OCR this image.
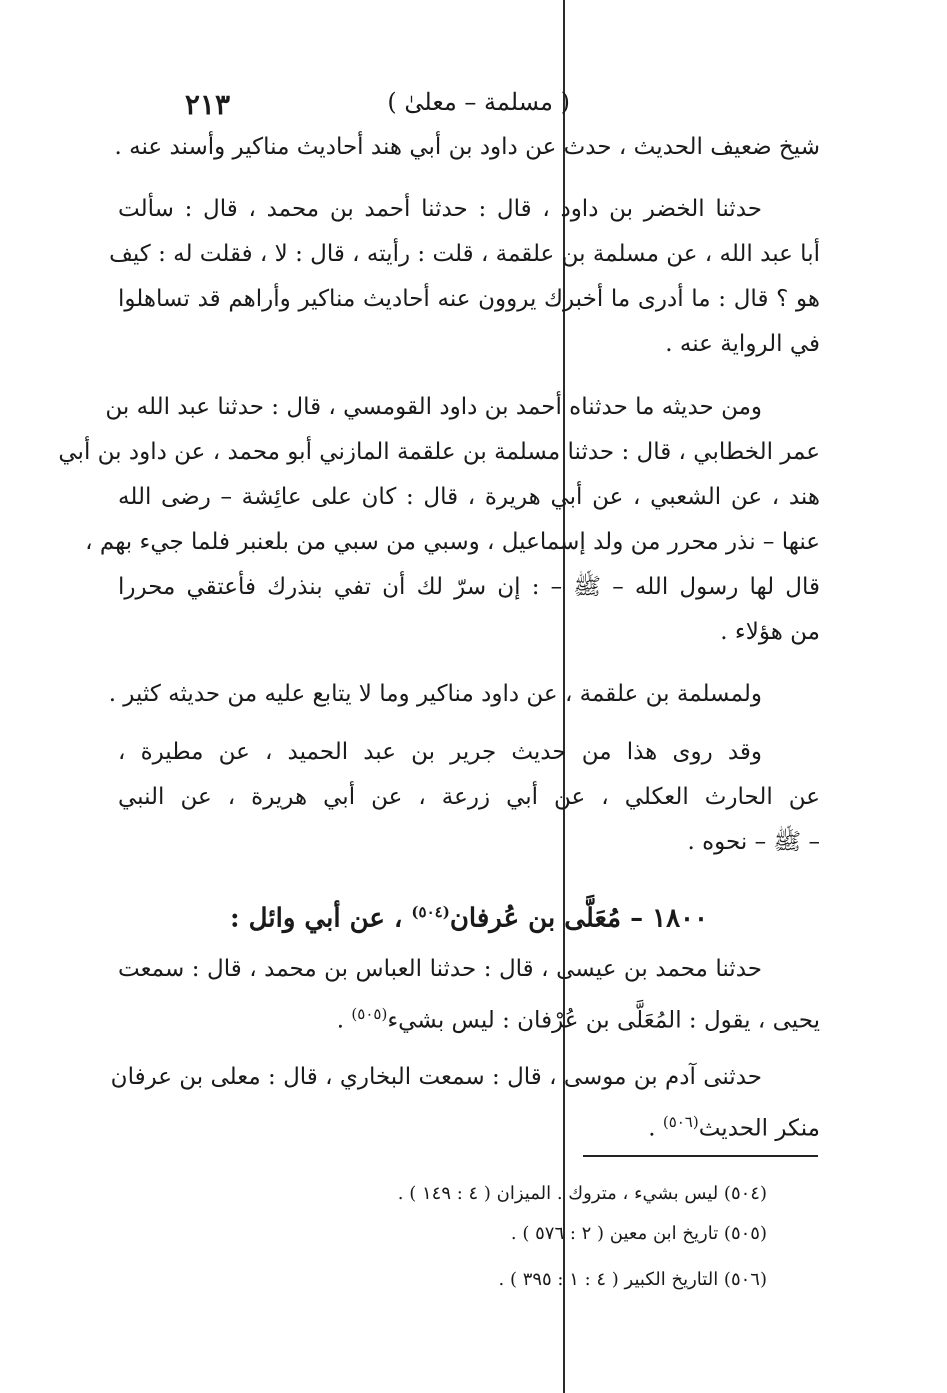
٢١٣	( مسلمة – معلىٰ )
شيخ ضعيف الحديث ، حدث عن داود بن أبي هند أحاديث مناكير وأسند عنه .
حدثنا الخضر بن داود ، قال : حدثنا أحمد بن محمد ، قال : سألت
أبا عبد الله ، عن مسلمة بن علقمة ، قلت : رأيته ، قال : لا ، فقلت له : كيف
هو ؟ قال : ما أدرى ما أخبرك يروون عنه أحاديث مناكير وأراهم قد تساهلوا
في الرواية عنه .
ومن حديثه ما حدثناه أحمد بن داود القومسي ، قال : حدثنا عبد الله بن
عمر الخطابي ، قال : حدثنا مسلمة بن علقمة المازني أبو محمد ، عن داود بن أبي
هند ، عن الشعبي ، عن أبي هريرة ، قال : كان على عائِشة – رضى الله
عنها – نذر محرر من ولد إسماعيل ، وسبي من سبي من بلعنبر فلما جيء بهم ،
قال لها رسول الله – ﷺ – : إن سرّ لك أن تفي بنذرك فأعتقي محررا
من هؤلاء .
ولمسلمة بن علقمة ، عن داود مناكير وما لا يتابع عليه من حديثه كثير .
وقد روى هذا من حديث جرير بن عبد الحميد ، عن مطيرة ،
عن الحارث العكلي ، عن أبي زرعة ، عن أبي هريرة ، عن النبي
– ﷺ – نحوه .
١٨٠٠ – مُعَلَّى بن عُرفان$^{(٥٠٤)}$ ، عن أبي وائل :
حدثنا محمد بن عيسى ، قال : حدثنا العباس بن محمد ، قال : سمعت
يحيى ، يقول : المُعَلَّى بن عُرْفان : ليس بشيء$^{(٥٠٥)}$ .
حدثنى آدم بن موسى ، قال : سمعت البخاري ، قال : معلى بن عرفان
منكر الحديث$^{(٥٠٦)}$ .
(٥٠٤) ليس بشيء ، متروك . الميزان ( ٤ : ١٤٩ ) .
(٥٠٥) تاريخ ابن معين ( ٢ : ٥٧٦ ) .
(٥٠٦) التاريخ الكبير ( ٤ : ١ : ٣٩٥ ) .
